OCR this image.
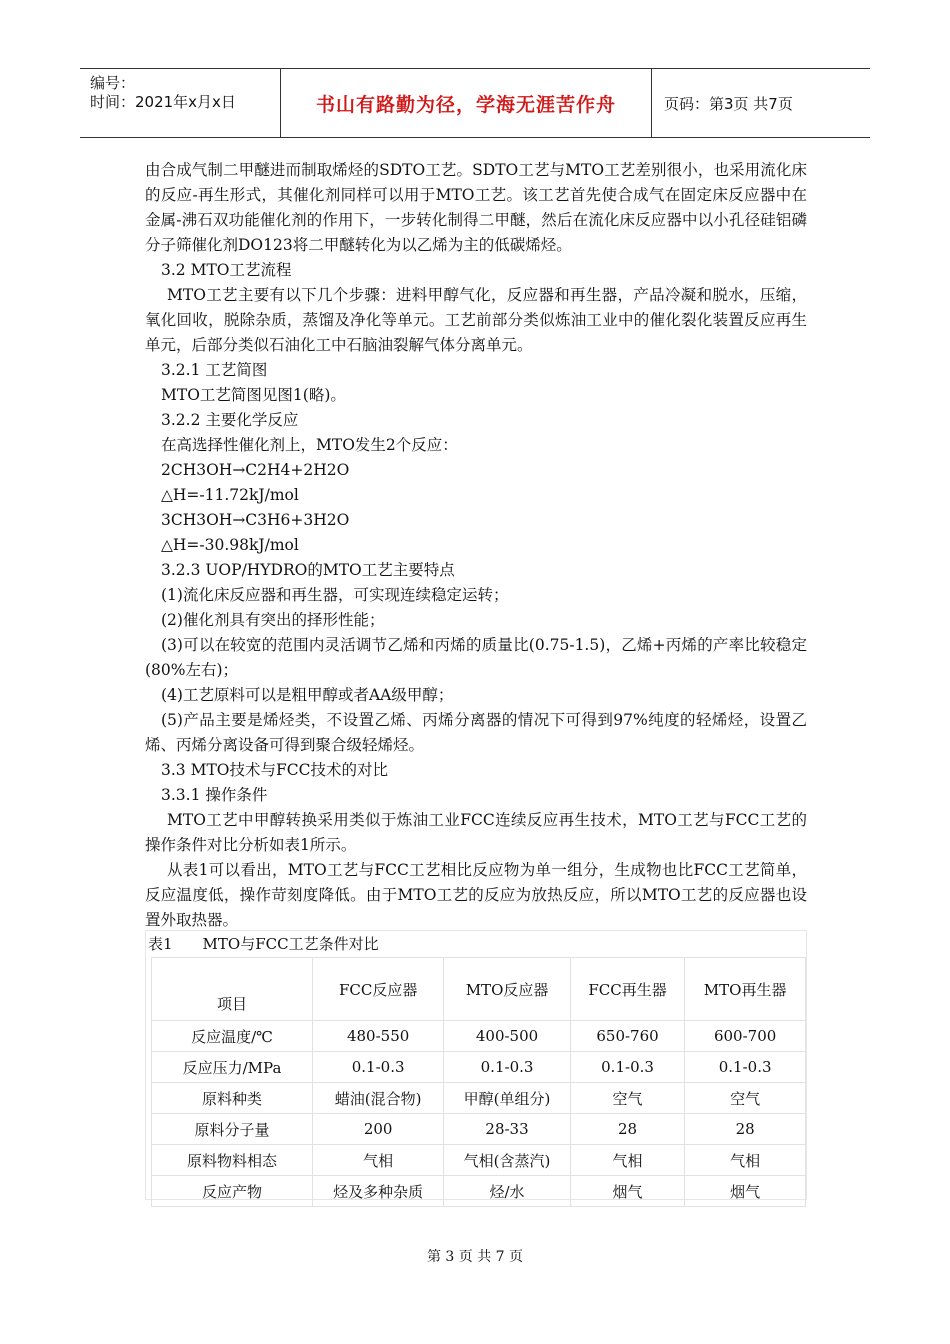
编号：
时间：2021年x月x日	书山有路勤为径，学海无涯苦作舟	页码：第3页 共7页

由合成气制二甲醚进而制取烯烃的SDTO工艺。SDTO工艺与MTO工艺差别很小，也采用流化床的反应-再生形式，其催化剂同样可以用于MTO工艺。该工艺首先使合成气在固定床反应器中在金属-沸石双功能催化剂的作用下，一步转化制得二甲醚，然后在流化床反应器中以小孔径硅铝磷分子筛催化剂DO123将二甲醚转化为以乙烯为主的低碳烯烃。

3.2 MTO工艺流程

MTO工艺主要有以下几个步骤：进料甲醇气化，反应器和再生器，产品冷凝和脱水，压缩，氧化回收，脱除杂质，蒸馏及净化等单元。工艺前部分类似炼油工业中的催化裂化装置反应再生单元，后部分类似石油化工中石脑油裂解气体分离单元。

3.2.1 工艺简图

MTO工艺简图见图1(略)。

3.2.2 主要化学反应

在高选择性催化剂上，MTO发生2个反应：

2CH3OH→C2H4+2H2O

△H=-11.72kJ/mol

3CH3OH→C3H6+3H2O

△H=-30.98kJ/mol

3.2.3 UOP/HYDRO的MTO工艺主要特点

(1)流化床反应器和再生器，可实现连续稳定运转；

(2)催化剂具有突出的择形性能；

(3)可以在较宽的范围内灵活调节乙烯和丙烯的质量比(0.75-1.5)，乙烯+丙烯的产率比较稳定(80%左右)；

(4)工艺原料可以是粗甲醇或者AA级甲醇；

(5)产品主要是烯烃类，不设置乙烯、丙烯分离器的情况下可得到97%纯度的轻烯烃，设置乙烯、丙烯分离设备可得到聚合级轻烯烃。

3.3 MTO技术与FCC技术的对比

3.3.1 操作条件

MTO工艺中甲醇转换采用类似于炼油工业FCC连续反应再生技术，MTO工艺与FCC工艺的操作条件对比分析如表1所示。

从表1可以看出，MTO工艺与FCC工艺相比反应物为单一组分，生成物也比FCC工艺简单，反应温度低，操作苛刻度降低。由于MTO工艺的反应为放热反应，所以MTO工艺的反应器也设置外取热器。

表1 MTO与FCC工艺条件对比
项目	FCC反应器	MTO反应器	FCC再生器	MTO再生器
反应温度/℃	480-550	400-500	650-760	600-700
反应压力/MPa	0.1-0.3	0.1-0.3	0.1-0.3	0.1-0.3
原料种类	蜡油(混合物)	甲醇(单组分)	空气	空气
原料分子量	200	28-33	28	28
原料物料相态	气相	气相(含蒸汽)	气相	气相
反应产物	烃及多种杂质	烃/水	烟气	烟气
第 3 页 共 7 页
